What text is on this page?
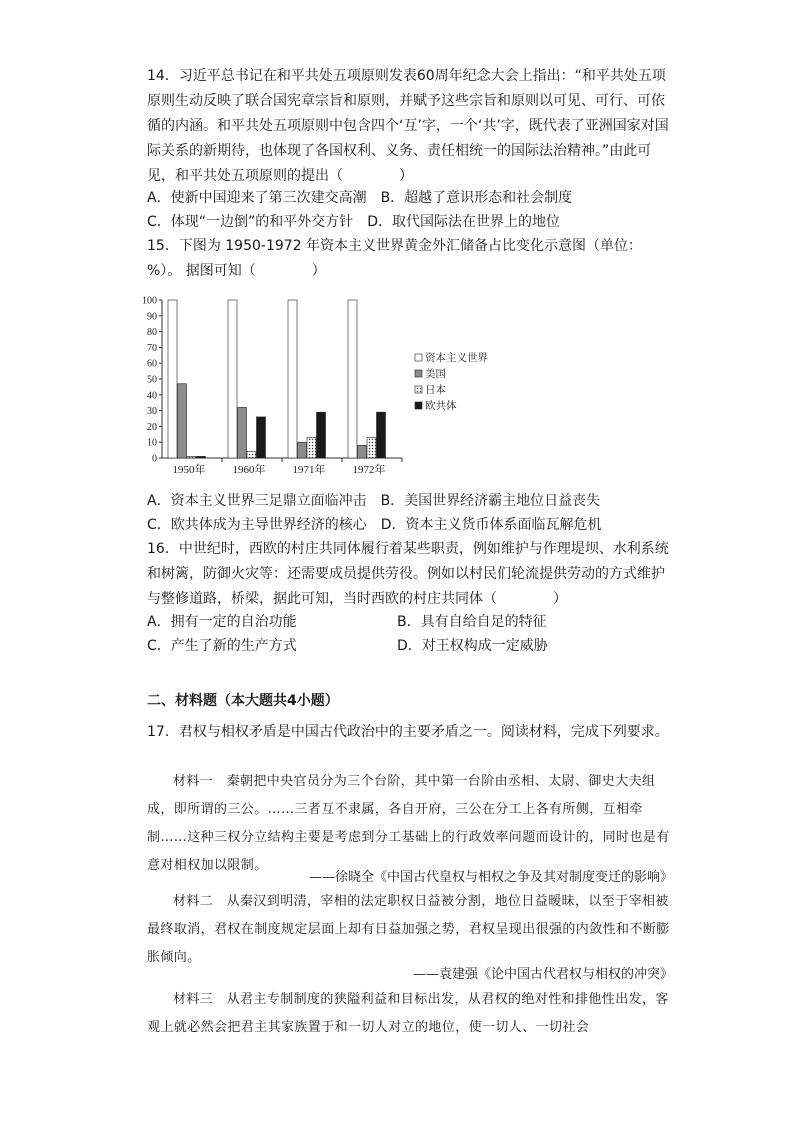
14．习近平总书记在和平共处五项原则发表60周年纪念大会上指出：“和平共处五项原则生动反映了联合国宪章宗旨和原则，并赋予这些宗旨和原则以可见、可行、可依循的内涵。和平共处五项原则中包含四个‘互’字，一个‘共’字，既代表了亚洲国家对国际关系的新期待，也体现了各国权利、义务、责任相统一的国际法治精神。”由此可见，和平共处五项原则的提出（　　　　）

A．使新中国迎来了第三次建交高潮 B．超越了意识形态和社会制度
C．体现“一边倒”的和平外交方针 D．取代国际法在世界上的地位

15．下图为 1950-1972 年资本主义世界黄金外汇储备占比变化示意图（单位：%）。 据图可知（　　　　）

0
10
20
30
40
50
60
70
80
90
100
1950年 1960年 1971年 1972年
资本主义世界
美国
日本
欧共体
A．资本主义世界三足鼎立面临冲击 B．美国世界经济霸主地位日益丧失
C．欧共体成为主导世界经济的核心 D．资本主义货币体系面临瓦解危机

16．中世纪时，西欧的村庄共同体履行着某些职责，例如维护与作理堤坝、水利系统和树篱，防御火灾等：还需要成员提供劳役。例如以村民们轮流提供劳动的方式维护与整修道路，桥梁，据此可知，当时西欧的村庄共同体（　　　　）

A．拥有一定的自治功能	B．具有自给自足的特征
C．产生了新的生产方式	D．对王权构成一定威胁
二、材料题（本大题共4小题）

17．君权与相权矛盾是中国古代政治中的主要矛盾之一。阅读材料，完成下列要求。

材料一　秦朝把中央官员分为三个台阶，其中第一台阶由丞相、太尉、御史大夫组成，即所谓的三公。……三者互不隶属，各自开府，三公在分工上各有所侧，互相牵制……这种三权分立结构主要是考虑到分工基础上的行政效率问题而设计的，同时也是有意对相权加以限制。

——徐晓全《中国古代皇权与相权之争及其对制度变迁的影响》

材料二　从秦汉到明清，宰相的法定职权日益被分割，地位日益暧昧，以至于宰相被最终取消，君权在制度规定层面上却有日益加强之势，君权呈现出很强的内敛性和不断膨胀倾向。

——袁建强《论中国古代君权与相权的冲突》

材料三　从君主专制制度的狭隘利益和目标出发，从君权的绝对性和排他性出发，客观上就必然会把君主其家族置于和一切人对立的地位，使一切人、一切社会
